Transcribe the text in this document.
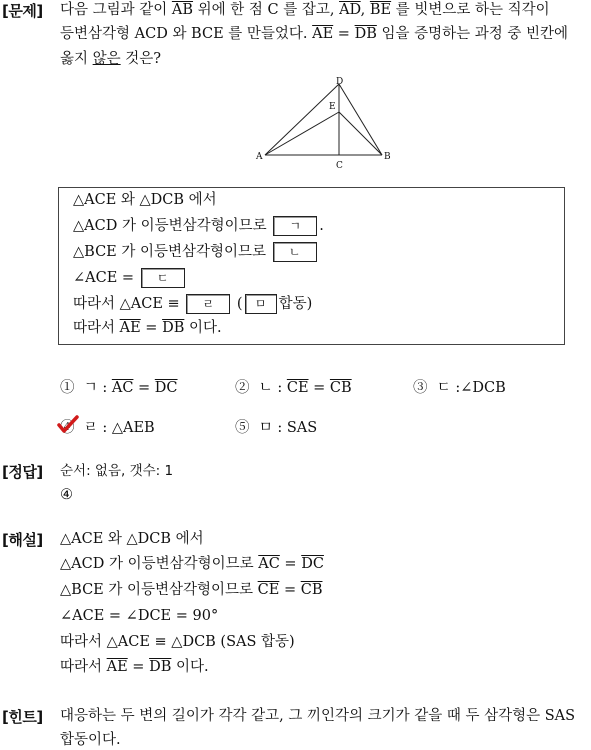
[문제] 다음 그림과 같이 $\overline{AB}$ 위에 한 점 C 를 잡고, $\overline{AD}$, $\overline{BE}$ 를 빗변으로 하는 직각이
등변삼각형 ACD 와 BCE 를 만들었다. $\overline{AE} = \overline{DB}$ 임을 증명하는 과정 중 빈칸에
옳지 않은 것은?
D
E
A	B
C
△ACE 와 △DCB 에서
△ACD 가 이등변삼각형이므로 ㄱ .
△BCE 가 이등변삼각형이므로 ㄴ
∠ACE = ㄷ
따라서 △ACE ≡ ㄹ ( ㅁ 합동)
따라서 $\overline{AE} = \overline{DB}$ 이다.
① ㄱ : $\overline{AC} = \overline{DC}$	② ㄴ : $\overline{CE} = \overline{CB}$	③ ㄷ :∠DCB
④ ㄹ : △AEB	⑤ ㅁ : SAS
[정답] 순서: 없음, 갯수: 1
④
[해설] △ACE 와 △DCB 에서
△ACD 가 이등변삼각형이므로 $\overline{AC} = \overline{DC}$
△BCE 가 이등변삼각형이므로 $\overline{CE} = \overline{CB}$
∠ACE = ∠DCE = 90°
따라서 △ACE ≡ △DCB (SAS 합동)
따라서 $\overline{AE} = \overline{DB}$ 이다.
[힌트] 대응하는 두 변의 길이가 각각 같고, 그 끼인각의 크기가 같을 때 두 삼각형은 SAS
합동이다.
